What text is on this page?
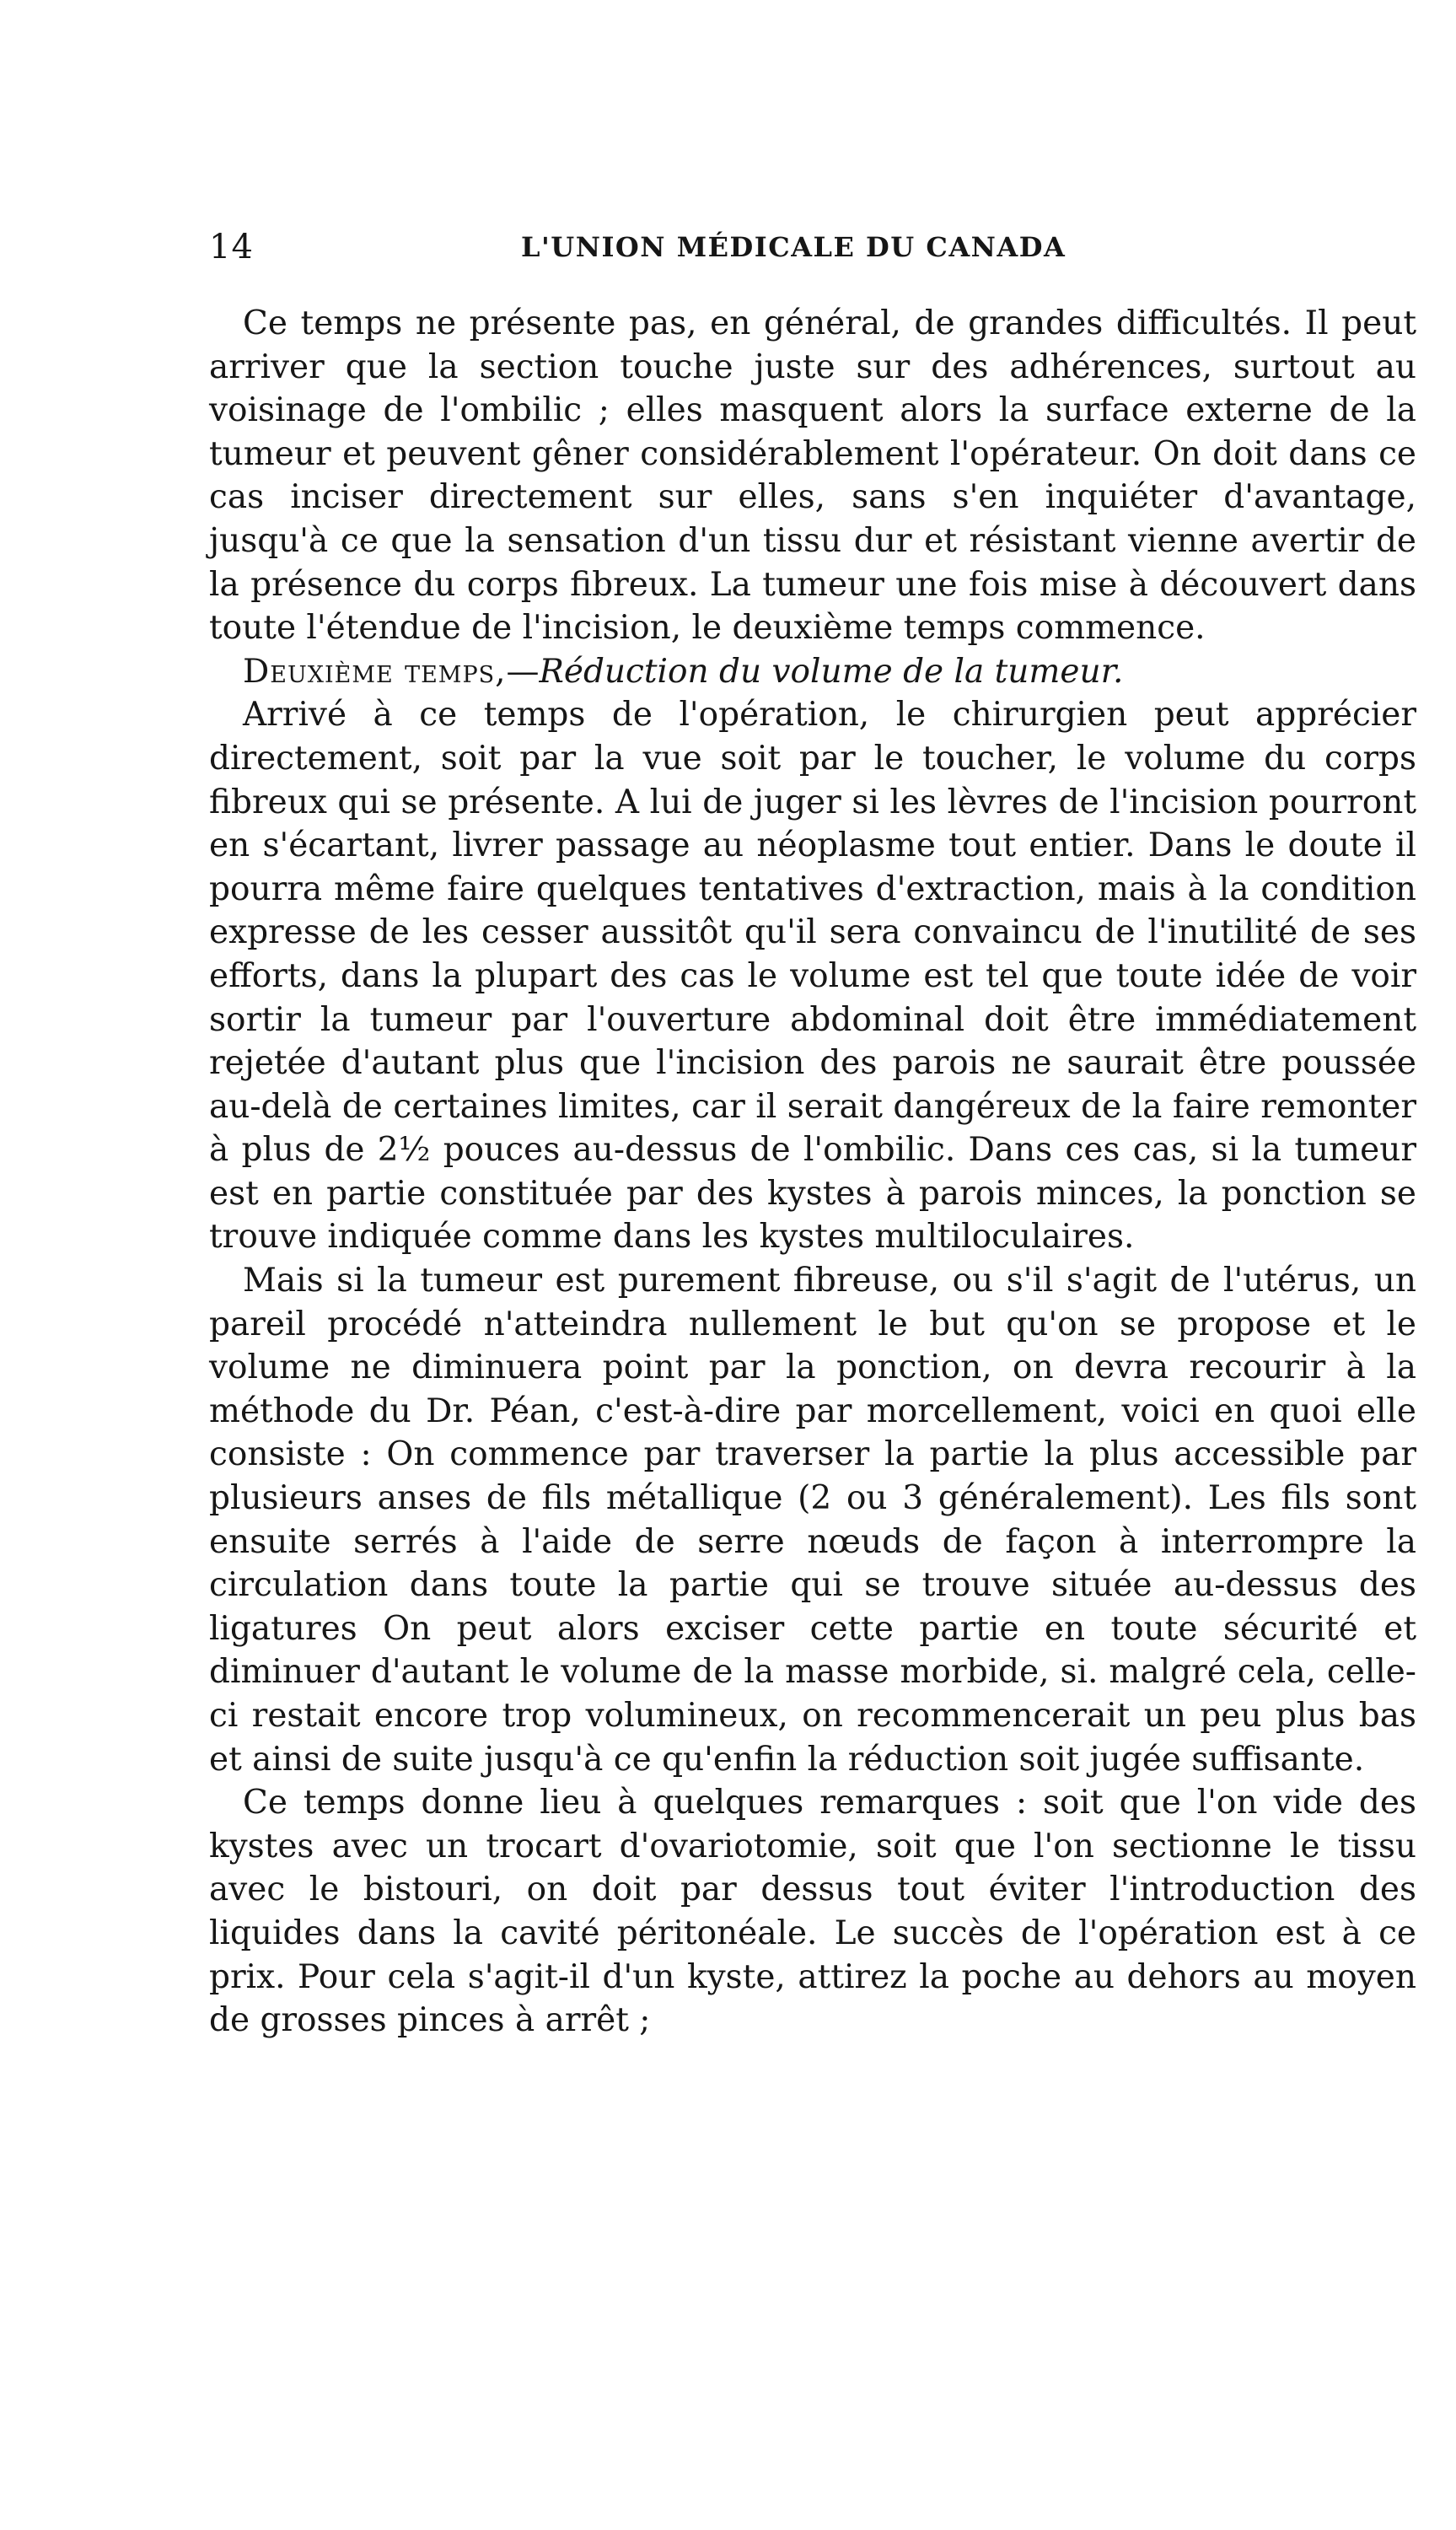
14	L'UNION MÉDICALE DU CANADA

Ce temps ne présente pas, en général, de grandes difficultés. Il peut arriver que la section touche juste sur des adhérences, surtout au voisinage de l'ombilic ; elles masquent alors la surface externe de la tumeur et peuvent gêner considérablement l'opérateur. On doit dans ce cas inciser directement sur elles, sans s'en inquiéter d'avantage, jusqu'à ce que la sensation d'un tissu dur et résistant vienne avertir de la présence du corps fibreux. La tumeur une fois mise à découvert dans toute l'étendue de l'incision, le deuxième temps commence.

Deuxième temps,—Réduction du volume de la tumeur.

Arrivé à ce temps de l'opération, le chirurgien peut apprécier directement, soit par la vue soit par le toucher, le volume du corps fibreux qui se présente. A lui de juger si les lèvres de l'incision pourront en s'écartant, livrer passage au néoplasme tout entier. Dans le doute il pourra même faire quelques tentatives d'extraction, mais à la condition expresse de les cesser aussitôt qu'il sera convaincu de l'inutilité de ses efforts, dans la plupart des cas le volume est tel que toute idée de voir sortir la tumeur par l'ouverture abdominal doit être immédiatement rejetée d'autant plus que l'incision des parois ne saurait être poussée au-delà de certaines limites, car il serait dangéreux de la faire remonter à plus de 2½ pouces au-dessus de l'ombilic. Dans ces cas, si la tumeur est en partie constituée par des kystes à parois minces, la ponction se trouve indiquée comme dans les kystes multiloculaires.

Mais si la tumeur est purement fibreuse, ou s'il s'agit de l'utérus, un pareil procédé n'atteindra nullement le but qu'on se propose et le volume ne diminuera point par la ponction, on devra recourir à la méthode du Dr. Péan, c'est-à-dire par morcellement, voici en quoi elle consiste : On commence par traverser la partie la plus accessible par plusieurs anses de fils métallique (2 ou 3 généralement). Les fils sont ensuite serrés à l'aide de serre nœuds de façon à interrompre la circulation dans toute la partie qui se trouve située au-dessus des ligatures On peut alors exciser cette partie en toute sécurité et diminuer d'autant le volume de la masse morbide, si. malgré cela, celle-ci restait encore trop volumineux, on recommencerait un peu plus bas et ainsi de suite jusqu'à ce qu'enfin la réduction soit jugée suffisante.

Ce temps donne lieu à quelques remarques : soit que l'on vide des kystes avec un trocart d'ovariotomie, soit que l'on sectionne le tissu avec le bistouri, on doit par dessus tout éviter l'introduction des liquides dans la cavité péritonéale. Le succès de l'opération est à ce prix. Pour cela s'agit-il d'un kyste, attirez la poche au dehors au moyen de grosses pinces à arrêt ;
